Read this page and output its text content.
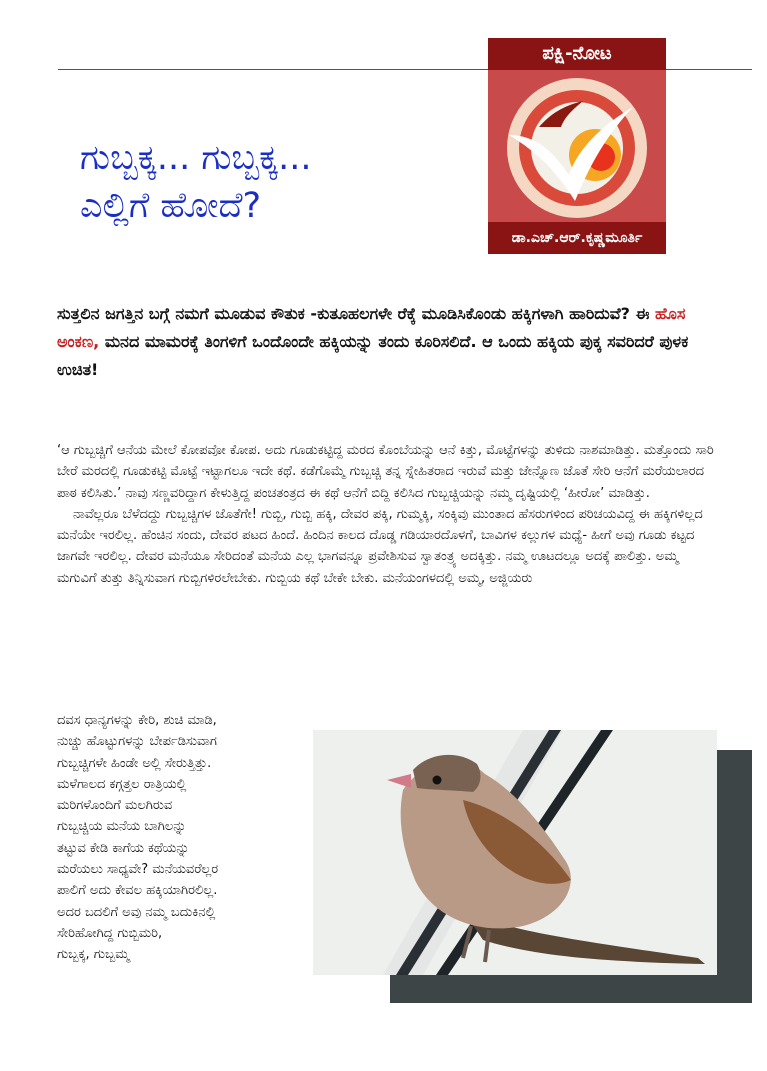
ಪಕ್ಷಿ-ನೋಟ
ಡಾ.ಎಚ್.ಆರ್.ಕೃಷ್ಣಮೂರ್ತಿ
ಗುಬ್ಬಕ್ಕ... ಗುಬ್ಬಕ್ಕ...
ಎಲ್ಲಿಗೆ ಹೋದೆ?
ಸುತ್ತಲಿನ ಜಗತ್ತಿನ ಬಗ್ಗೆ ನಮಗೆ ಮೂಡುವ ಕೌತುಕ -ಕುತೂಹಲಗಳೇ ರೆಕ್ಕೆ ಮೂಡಿಸಿಕೊಂಡು ಹಕ್ಕಿಗಳಾಗಿ ಹಾರಿದುವೆ? ಈ ಹೊಸ ಅಂಕಣ, ಮನದ ಮಾಮರಕ್ಕೆ ತಿಂಗಳಿಗೆ ಒಂದೊಂದೇ ಹಕ್ಕಿಯನ್ನು ತಂದು ಕೂರಿಸಲಿದೆ. ಆ ಒಂದು ಹಕ್ಕಿಯ ಪುಕ್ಕ ಸವರಿದರೆ ಪುಳಕ ಉಚಿತ!

‘ಆ ಗುಬ್ಬಚ್ಚಿಗೆ ಆನೆಯ ಮೇಲೆ ಕೋಪವೋ ಕೋಪ. ಅದು ಗೂಡುಕಟ್ಟಿದ್ದ ಮರದ ಕೊಂಬೆಯನ್ನು ಆನೆ ಕಿತ್ತು, ಮೊಟ್ಟೆಗಳನ್ನು ತುಳಿದು ನಾಶಮಾಡಿತ್ತು. ಮತ್ತೊಂದು ಸಾರಿ ಬೇರೆ ಮರದಲ್ಲಿ ಗೂಡುಕಟ್ಟಿ ಮೊಟ್ಟೆ ಇಟ್ಟಾಗಲೂ ಇದೇ ಕಥೆ. ಕಡೆಗೊಮ್ಮೆ ಗುಬ್ಬಚ್ಚಿ ತನ್ನ ಸ್ನೇಹಿತರಾದ ಇರುವೆ ಮತ್ತು ಜೇನ್ನೊಣ ಜೊತೆ ಸೇರಿ ಆನೆಗೆ ಮರೆಯಲಾರದ ಪಾಠ ಕಲಿಸಿತು.’ ನಾವು ಸಣ್ಣವರಿದ್ದಾಗ ಕೇಳುತ್ತಿದ್ದ ಪಂಚತಂತ್ರದ ಈ ಕಥೆ ಆನೆಗೆ ಬಿದ್ದಿ ಕಲಿಸಿದ ಗುಬ್ಬಚ್ಚಿಯನ್ನು ನಮ್ಮ ದೃಷ್ಟಿಯಲ್ಲಿ ‘ಹೀರೋ’ ಮಾಡಿತ್ತು.

ನಾವೆಲ್ಲರೂ ಬೆಳೆದದ್ದು ಗುಬ್ಬಚ್ಚಿಗಳ ಜೊತೆಗೇ! ಗುಬ್ಬಿ, ಗುಬ್ಬಿ ಹಕ್ಕಿ, ದೇವರ ಪಕ್ಕಿ, ಗುಮ್ಮಕ್ಕಿ, ಸಂಕ್ಕಿವು ಮುಂತಾದ ಹೆಸರುಗಳಿಂದ ಪರಿಚಯವಿದ್ದ ಈ ಹಕ್ಕಿಗಳಿಲ್ಲದ ಮನೆಯೇ ಇರಲಿಲ್ಲ. ಹೆಂಚಿನ ಸಂದು, ದೇವರ ಪಟದ ಹಿಂದೆ. ಹಿಂದಿನ ಕಾಲದ ದೊಡ್ಡ ಗಡಿಯಾರದೊಳಗೆ, ಬಾವಿಗಳ ಕಲ್ಲುಗಳ ಮಧ್ಯೆ- ಹೀಗೆ ಅವು ಗೂಡು ಕಟ್ಟದ ಜಾಗವೇ ಇರಲಿಲ್ಲ. ದೇವರ ಮನೆಯೂ ಸೇರಿದಂತೆ ಮನೆಯ ಎಲ್ಲ ಭಾಗವನ್ನೂ ಪ್ರವೇಶಿಸುವ ಸ್ವಾತಂತ್ರ್ಯ ಅದಕ್ಕಿತ್ತು. ನಮ್ಮ ಊಟದಲ್ಲೂ ಅದಕ್ಕೆ ಪಾಲಿತ್ತು. ಅಮ್ಮ ಮಗುವಿಗೆ ತುತ್ತು ತಿನ್ನಿಸುವಾಗ ಗುಬ್ಬಿಗಳಿರಲೇಬೇಕು. ಗುಬ್ಬಿಯ ಕಥೆ ಬೇಕೇ ಬೇಕು. ಮನೆಯಂಗಳದಲ್ಲಿ ಅಮ್ಮ, ಅಜ್ಜಿಯರು

ದವಸ ಧಾನ್ಯಗಳನ್ನು ಕೇರಿ, ಶುಚಿ ಮಾಡಿ,
ನುಚ್ಚು ಹೊಟ್ಟುಗಳನ್ನು ಬೇರ್ಪಡಿಸುವಾಗ
ಗುಬ್ಬಚ್ಚಿಗಳೇ ಹಿಂಡೇ ಅಲ್ಲಿ ಸೇರುತ್ತಿತ್ತು.
ಮಳೆಗಾಲದ ಕಗ್ಗತ್ತಲ ರಾತ್ರಿಯಲ್ಲಿ
ಮರಿಗಳೊಂದಿಗೆ ಮಲಗಿರುವ
ಗುಬ್ಬಚ್ಚಿಯ ಮನೆಯ ಬಾಗಿಲನ್ನು
ತಟ್ಟುವ ಕೇಡಿ ಕಾಗೆಯ ಕಥೆಯನ್ನು
ಮರೆಯಲು ಸಾಧ್ಯವೇ? ಮನೆಯವರೆಲ್ಲರ
ಪಾಲಿಗೆ ಅದು ಕೇವಲ ಹಕ್ಕಿಯಾಗಿರಲಿಲ್ಲ.
ಅದರ ಬದಲಿಗೆ ಅವು ನಮ್ಮ ಬದುಕಿನಲ್ಲಿ
ಸೇರಿಹೋಗಿದ್ದ ಗುಬ್ಬಿಮರಿ,
ಗುಬ್ಬಕ್ಕ, ಗುಬ್ಬಮ್ಮ
